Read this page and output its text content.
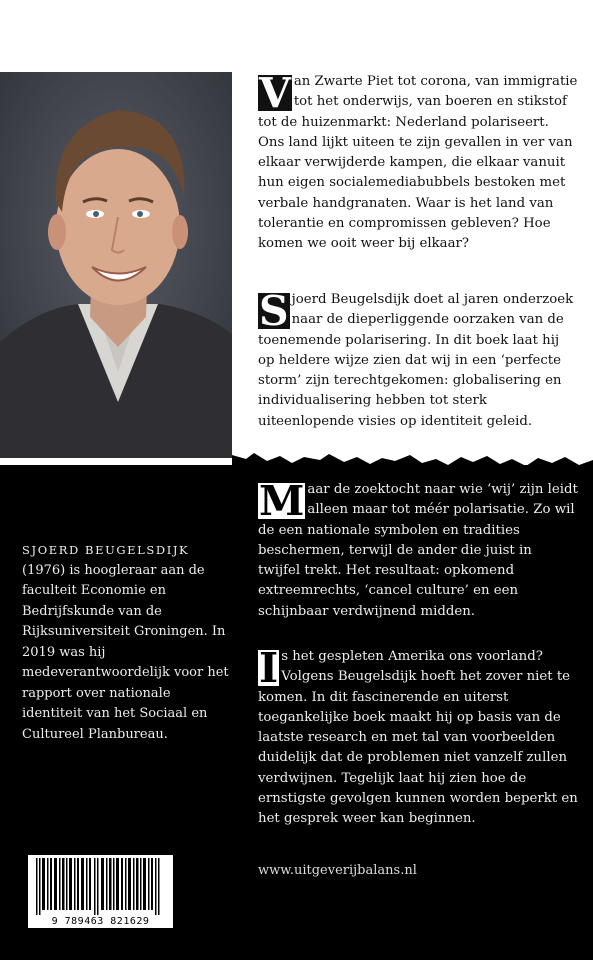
V an Zwarte Piet tot corona, van immigratie tot het onderwijs, van boeren en stikstof tot de huizenmarkt: Nederland polariseert. Ons land lijkt uiteen te zijn gevallen in ver van elkaar verwijderde kampen, die elkaar vanuit hun eigen socialemediabubbels bestoken met verbale handgranaten. Waar is het land van tolerantie en compromissen gebleven? Hoe komen we ooit weer bij elkaar?

S joerd Beugelsdijk doet al jaren onderzoek naar de dieperliggende oorzaken van de toenemende polarisering. In dit boek laat hij op heldere wijze zien dat wij in een ‘perfecte storm’ zijn terechtgekomen: globalisering en individualisering hebben tot sterk uiteenlopende visies op identiteit geleid.

M aar de zoektocht naar wie ‘wij’ zijn leidt alleen maar tot méér polarisatie. Zo wil de een nationale symbolen en tradities beschermen, terwijl de ander die juist in twijfel trekt. Het resultaat: opkomend extreemrechts, ‘cancel culture’ en een schijnbaar verdwijnend midden.

I s het gespleten Amerika ons voorland? Volgens Beugelsdijk hoeft het zover niet te komen. In dit fascinerende en uiterst toegankelijke boek maakt hij op basis van de laatste research en met tal van voorbeelden duidelijk dat de problemen niet vanzelf zullen verdwijnen. Tegelijk laat hij zien hoe de ernstigste gevolgen kunnen worden beperkt en het gesprek weer kan beginnen.

SJOERD BEUGELSDIJK
(1976) is hoogleraar aan de faculteit Economie en Bedrijfskunde van de Rijksuniversiteit Groningen. In 2019 was hij medeverantwoordelijk voor het rapport over nationale identiteit van het Sociaal en Cultureel Planbureau.

www.uitgeverijbalans.nl
9 789463 821629
